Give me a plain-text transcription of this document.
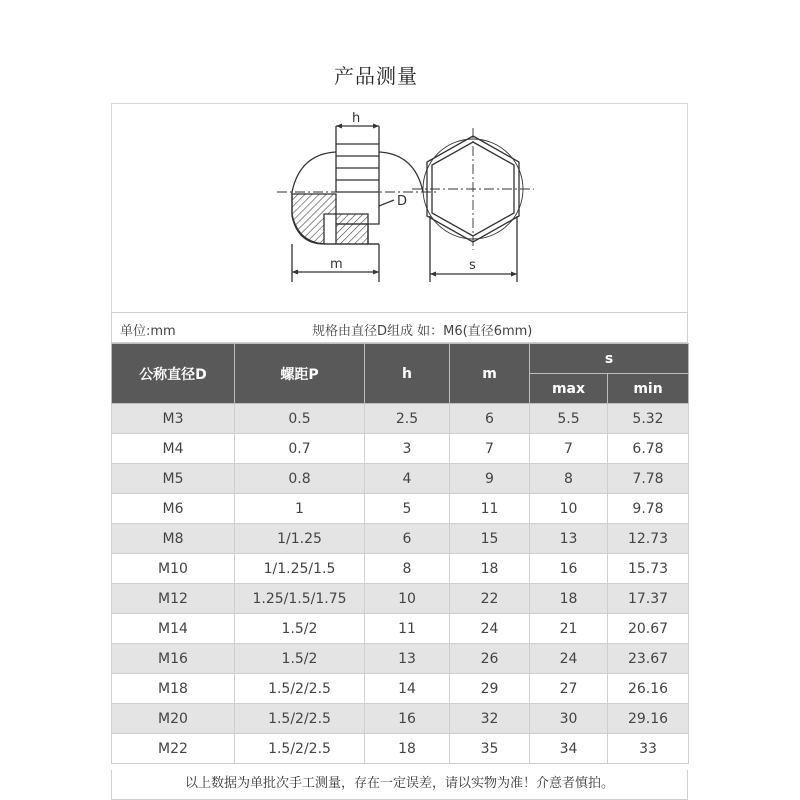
产品测量
h
D
m	s
单位:mm	规格由直径D组成 如：M6(直径6mm)
公称直径D	螺距P	h	m	s	
				max	min
M3	0.5	2.5	6	5.5	5.32
M4	0.7	3	7	7	6.78
M5	0.8	4	9	8	7.78
M6	1	5	11	10	9.78
M8	1/1.25	6	15	13	12.73
M10	1/1.25/1.5	8	18	16	15.73
M12	1.25/1.5/1.75	10	22	18	17.37
M14	1.5/2	11	24	21	20.67
M16	1.5/2	13	26	24	23.67
M18	1.5/2/2.5	14	29	27	26.16
M20	1.5/2/2.5	16	32	30	29.16
M22	1.5/2/2.5	18	35	34	33
以上数据为单批次手工测量，存在一定误差，请以实物为准！介意者慎拍。
